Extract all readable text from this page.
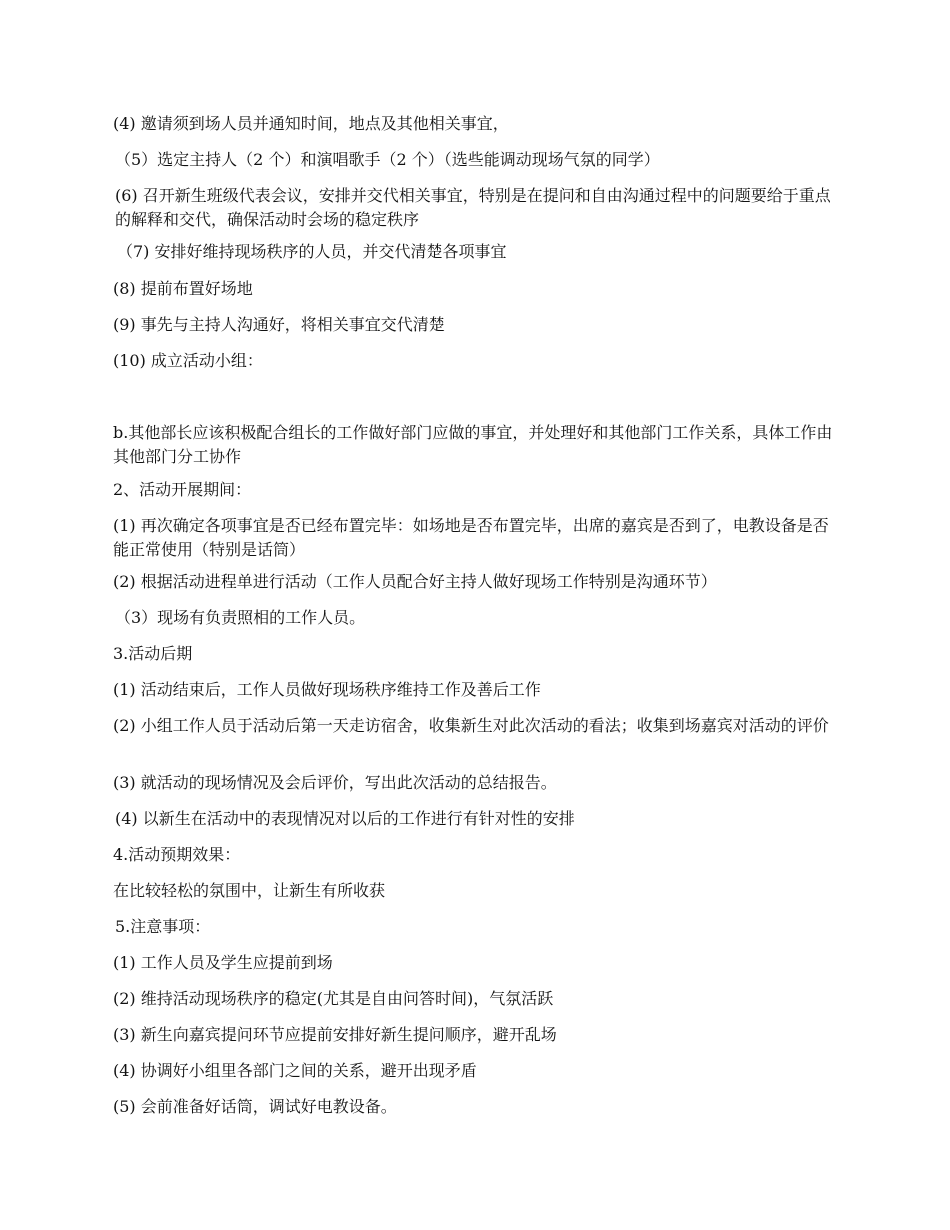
(4) 邀请须到场人员并通知时间，地点及其他相关事宜，
（5）选定主持人（2 个）和演唱歌手（2 个）（选些能调动现场气氛的同学）
(6) 召开新生班级代表会议，安排并交代相关事宜，特别是在提问和自由沟通过程中的问题要给于重点的解释和交代，确保活动时会场的稳定秩序
（7) 安排好维持现场秩序的人员，并交代清楚各项事宜
(8) 提前布置好场地
(9) 事先与主持人沟通好，将相关事宜交代清楚
(10) 成立活动小组：
b.其他部长应该积极配合组长的工作做好部门应做的事宜，并处理好和其他部门工作关系，具体工作由其他部门分工协作
2、活动开展期间：
(1) 再次确定各项事宜是否已经布置完毕：如场地是否布置完毕，出席的嘉宾是否到了，电教设备是否能正常使用（特别是话筒）
(2) 根据活动进程单进行活动（工作人员配合好主持人做好现场工作特别是沟通环节）
（3）现场有负责照相的工作人员。
3.活动后期
(1) 活动结束后，工作人员做好现场秩序维持工作及善后工作
(2) 小组工作人员于活动后第一天走访宿舍，收集新生对此次活动的看法；收集到场嘉宾对活动的评价
(3) 就活动的现场情况及会后评价，写出此次活动的总结报告。
(4) 以新生在活动中的表现情况对以后的工作进行有针对性的安排
4.活动预期效果：
在比较轻松的氛围中，让新生有所收获
5.注意事项：
(1) 工作人员及学生应提前到场
(2) 维持活动现场秩序的稳定(尤其是自由问答时间)，气氛活跃
(3) 新生向嘉宾提问环节应提前安排好新生提问顺序，避开乱场
(4) 协调好小组里各部门之间的关系，避开出现矛盾
(5) 会前准备好话筒，调试好电教设备。
